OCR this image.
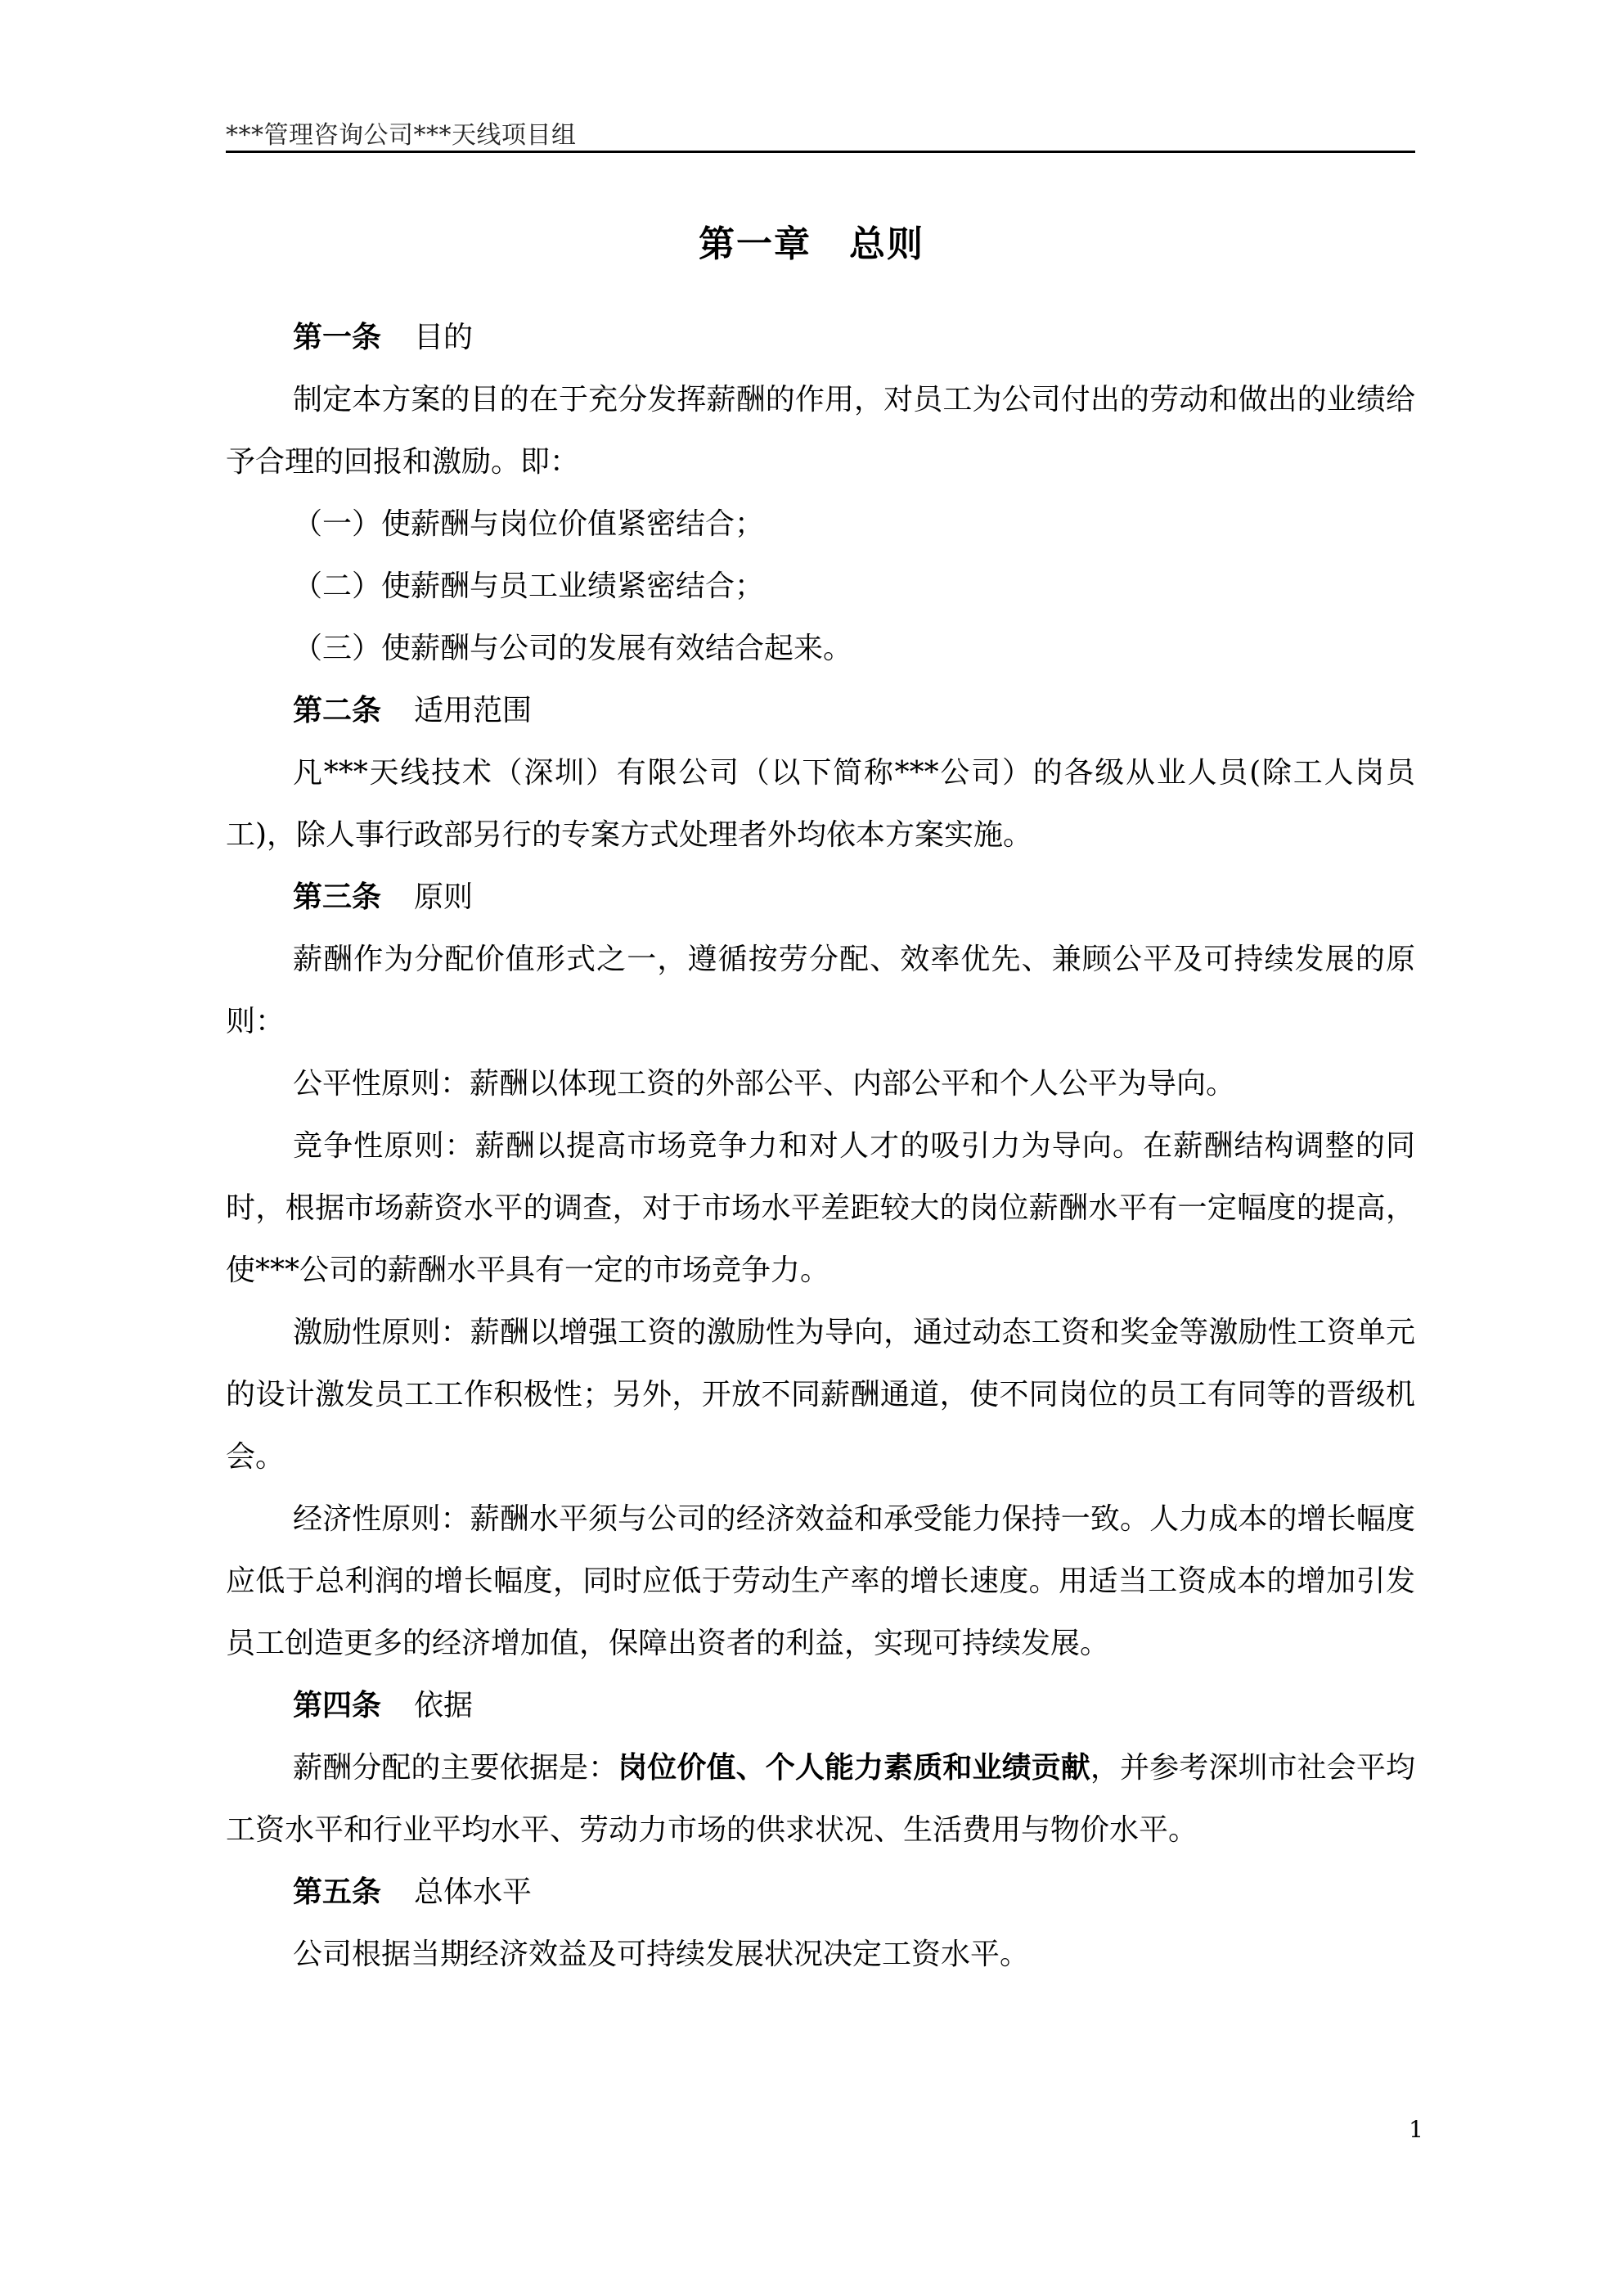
***管理咨询公司***天线项目组
第一章　总则
第一条 目的

制定本方案的目的在于充分发挥薪酬的作用，对员工为公司付出的劳动和做出的业绩给予合理的回报和激励。即：

（一）使薪酬与岗位价值紧密结合；

（二）使薪酬与员工业绩紧密结合；

（三）使薪酬与公司的发展有效结合起来。

第二条 适用范围

凡***天线技术（深圳）有限公司（以下简称***公司）的各级从业人员(除工人岗员工)，除人事行政部另行的专案方式处理者外均依本方案实施。

第三条 原则

薪酬作为分配价值形式之一，遵循按劳分配、效率优先、兼顾公平及可持续发展的原则：

公平性原则：薪酬以体现工资的外部公平、内部公平和个人公平为导向。

竞争性原则：薪酬以提高市场竞争力和对人才的吸引力为导向。在薪酬结构调整的同时，根据市场薪资水平的调查，对于市场水平差距较大的岗位薪酬水平有一定幅度的提高，使***公司的薪酬水平具有一定的市场竞争力。

激励性原则：薪酬以增强工资的激励性为导向，通过动态工资和奖金等激励性工资单元的设计激发员工工作积极性；另外，开放不同薪酬通道，使不同岗位的员工有同等的晋级机会。

经济性原则：薪酬水平须与公司的经济效益和承受能力保持一致。人力成本的增长幅度应低于总利润的增长幅度，同时应低于劳动生产率的增长速度。用适当工资成本的增加引发员工创造更多的经济增加值，保障出资者的利益，实现可持续发展。

第四条 依据

薪酬分配的主要依据是：岗位价值、个人能力素质和业绩贡献，并参考深圳市社会平均工资水平和行业平均水平、劳动力市场的供求状况、生活费用与物价水平。

第五条 总体水平

公司根据当期经济效益及可持续发展状况决定工资水平。

1
